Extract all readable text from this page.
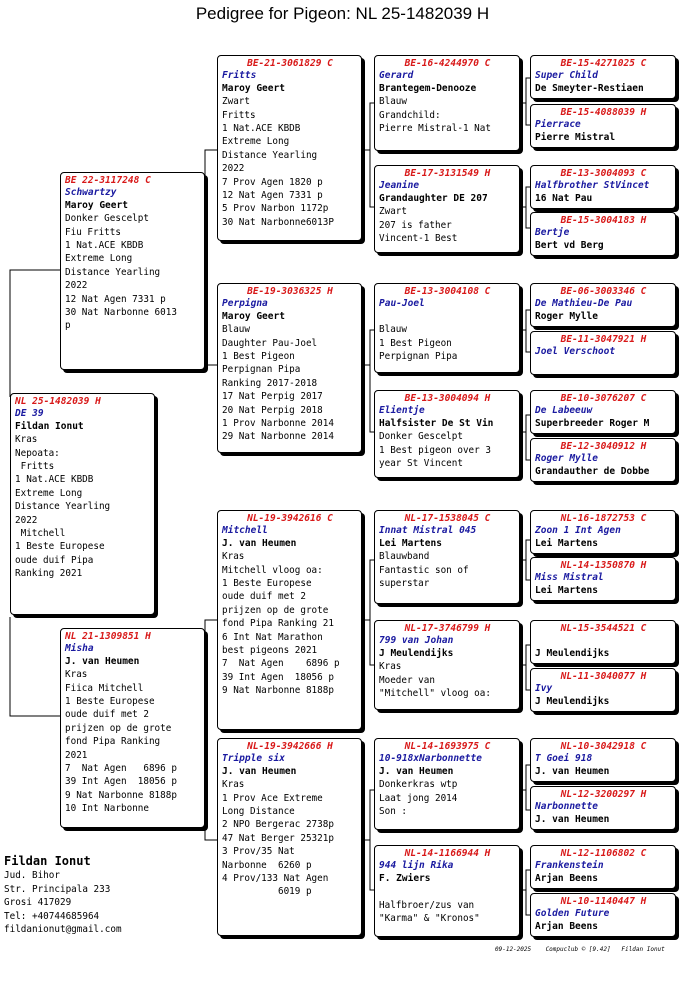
Pedigree for Pigeon: NL 25-1482039 H
NL 25-1482039 H
DE 39
Fildan Ionut
Kras
Nepoata:
Fritts
1 Nat.ACE KBDB
Extreme Long
Distance Yearling
2022
Mitchell
1 Beste Europese
oude duif Pipa
Ranking 2021
BE 22-3117248 C
Schwartzy
Maroy Geert
Donker Gescelpt
Fiu Fritts
1 Nat.ACE KBDB
Extreme Long
Distance Yearling
2022
12 Nat Agen 7331 p
30 Nat Narbonne 6013
p
NL 21-1309851 H
Misha
J. van Heumen
Kras
Fiica Mitchell
1 Beste Europese
oude duif met 2
prijzen op de grote
fond Pipa Ranking
2021
7  Nat Agen   6896 p
39 Int Agen  18056 p
9 Nat Narbonne 8188p
10 Int Narbonne
BE-21-3061829 C
Fritts
Maroy Geert
Zwart
Fritts
1 Nat.ACE KBDB
Extreme Long
Distance Yearling
2022
7 Prov Agen 1820 p
12 Nat Agen 7331 p
5 Prov Narbon 1172p
30 Nat Narbonne6013P
BE-19-3036325 H
Perpigna
Maroy Geert
Blauw
Daughter Pau-Joel
1 Best Pigeon
Perpignan Pipa
Ranking 2017-2018
17 Nat Perpig 2017
20 Nat Perpig 2018
1 Prov Narbonne 2014
29 Nat Narbonne 2014
NL-19-3942616 C
Mitchell
J. van Heumen
Kras
Mitchell vloog oa:
1 Beste Europese
oude duif met 2
prijzen op de grote
fond Pipa Ranking 21
6 Int Nat Marathon
best pigeons 2021
7  Nat Agen    6896 p
39 Int Agen  18056 p
9 Nat Narbonne 8188p
NL-19-3942666 H
Tripple six
J. van Heumen
Kras
1 Prov Ace Extreme
Long Distance
2 NPO Bergerac 2738p
47 Nat Berger 25321p
3 Prov/35 Nat
Narbonne  6260 p
4 Prov/133 Nat Agen
6019 p
BE-16-4244970 C
Gerard
Brantegem-Denooze
Blauw
Grandchild:
Pierre Mistral-1 Nat
BE-17-3131549 H
Jeanine
Grandaughter DE 207
Zwart
207 is father
Vincent-1 Best
BE-13-3004108 C
Pau-Joel
Blauw
1 Best Pigeon
Perpignan Pipa
BE-13-3004094 H
Elientje
Halfsister De St Vin
Donker Gescelpt
1 Best pigeon over 3
year St Vincent
NL-17-1538045 C
Innat Mistral 045
Lei Martens
Blauwband
Fantastic son of
superstar
NL-17-3746799 H
799 van Johan
J Meulendijks
Kras
Moeder van
"Mitchell" vloog oa:
NL-14-1693975 C
10-918xNarbonnette
J. van Heumen
Donkerkras wtp
Laat jong 2014
Son :
NL-14-1166944 H
944 lijn Rika
F. Zwiers

Halfbroer/zus van
"Karma" & "Kronos"
BE-15-4271025 C
Super Child
De Smeyter-Restiaen
BE-15-4088039 H
Pierrace
Pierre Mistral
BE-13-3004093 C
Halfbrother StVincet
16 Nat Pau
BE-15-3004183 H
Bertje
Bert vd Berg
BE-06-3003346 C
De Mathieu-De Pau
Roger Mylle
BE-11-3047921 H
Joel Verschoot
BE-10-3076207 C
De Labeeuw
Superbreeder Roger M
BE-12-3040912 H
Roger Mylle
Grandauther de Dobbe
NL-16-1872753 C
Zoon 1 Int Agen
Lei Martens
NL-14-1350870 H
Miss Mistral
Lei Martens
NL-15-3544521 C
J Meulendijks
NL-11-3040077 H
Ivy
J Meulendijks
NL-10-3042918 C
T Goei 918
J. van Heumen
NL-12-3200297 H
Narbonnette
J. van Heumen
NL-12-1106802 C
Frankenstein
Arjan Beens
NL-10-1140447 H
Golden Future
Arjan Beens
Fildan Ionut
Jud. Bihor
Str. Principala 233
Grosi 417029
Tel: +40744685964
fildanionut@gmail.com
09-12-2025    Compuclub © [9.42]   Fildan Ionut
